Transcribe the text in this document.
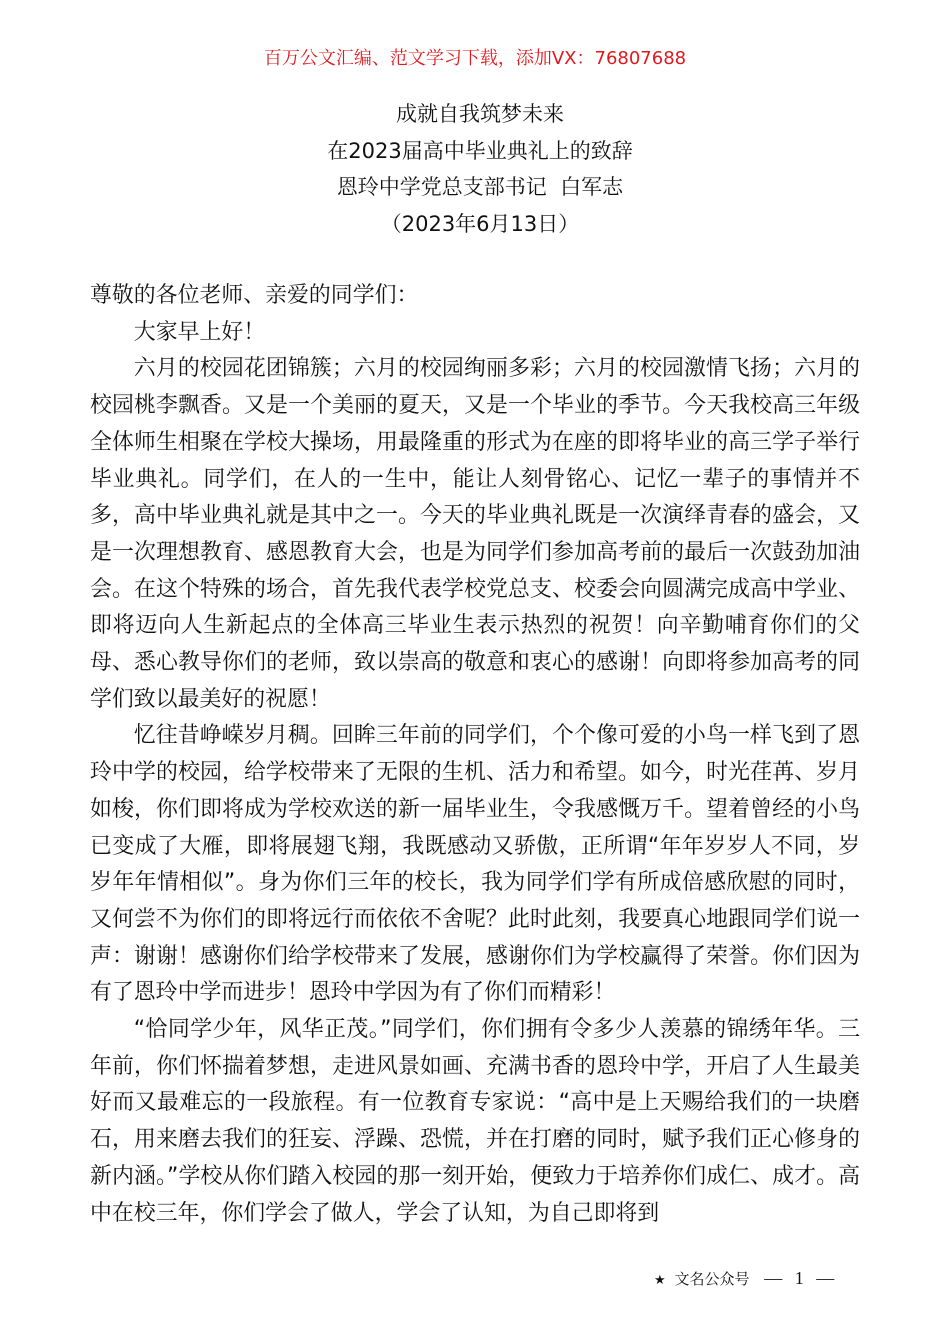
百万公文汇编、范文学习下载，添加VX：76807688
成就自我筑梦未来
在2023届高中毕业典礼上的致辞
恩玲中学党总支部书记  白军志
（2023年6月13日）

尊敬的各位老师、亲爱的同学们：

大家早上好！

六月的校园花团锦簇；六月的校园绚丽多彩；六月的校园激情飞扬；六月的校园桃李飘香。又是一个美丽的夏天，又是一个毕业的季节。今天我校高三年级全体师生相聚在学校大操场，用最隆重的形式为在座的即将毕业的高三学子举行毕业典礼。同学们，在人的一生中，能让人刻骨铭心、记忆一辈子的事情并不多，高中毕业典礼就是其中之一。今天的毕业典礼既是一次演绎青春的盛会，又是一次理想教育、感恩教育大会，也是为同学们参加高考前的最后一次鼓劲加油会。在这个特殊的场合，首先我代表学校党总支、校委会向圆满完成高中学业、即将迈向人生新起点的全体高三毕业生表示热烈的祝贺！向辛勤哺育你们的父母、悉心教导你们的老师，致以崇高的敬意和衷心的感谢！向即将参加高考的同学们致以最美好的祝愿！

忆往昔峥嵘岁月稠。回眸三年前的同学们，个个像可爱的小鸟一样飞到了恩玲中学的校园，给学校带来了无限的生机、活力和希望。如今，时光荏苒、岁月如梭，你们即将成为学校欢送的新一届毕业生，令我感慨万千。望着曾经的小鸟已变成了大雁，即将展翅飞翔，我既感动又骄傲，正所谓“年年岁岁人不同，岁岁年年情相似”。身为你们三年的校长，我为同学们学有所成倍感欣慰的同时，又何尝不为你们的即将远行而依依不舍呢？此时此刻，我要真心地跟同学们说一声：谢谢！感谢你们给学校带来了发展，感谢你们为学校赢得了荣誉。你们因为有了恩玲中学而进步！恩玲中学因为有了你们而精彩！

“恰同学少年，风华正茂。”同学们，你们拥有令多少人羡慕的锦绣年华。三年前，你们怀揣着梦想，走进风景如画、充满书香的恩玲中学，开启了人生最美好而又最难忘的一段旅程。有一位教育专家说：“高中是上天赐给我们的一块磨石，用来磨去我们的狂妄、浮躁、恐慌，并在打磨的同时，赋予我们正心修身的新内涵。”学校从你们踏入校园的那一刻开始，便致力于培养你们成仁、成才。高中在校三年，你们学会了做人，学会了认知，为自己即将到

★ 文名公众号 — 1 —
